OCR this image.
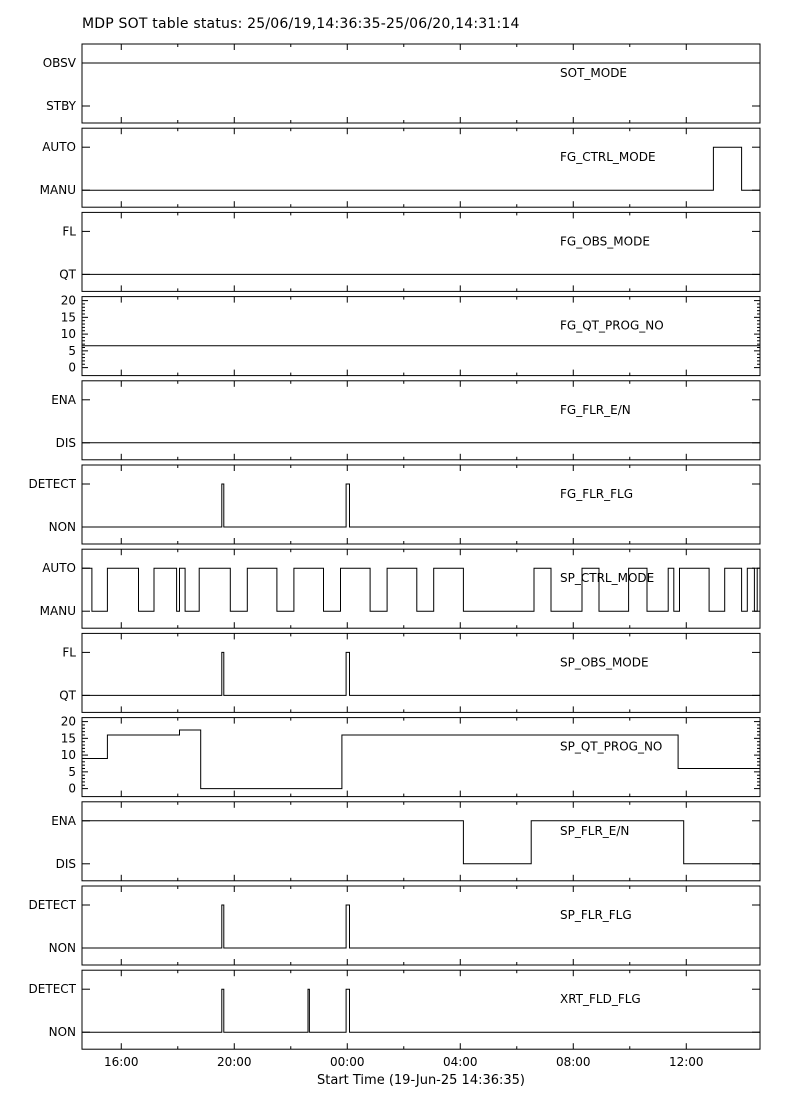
MDP SOT table status: 25/06/19,14:36:35-25/06/20,14:31:14
Start Time (19-Jun-25 14:36:35)
STBY
OBSV
SOT_MODE
MANU
AUTO
FG_CTRL_MODE
QT
FL
FG_OBS_MODE
0
5
10
15
20
FG_QT_PROG_NO
DIS
ENA
FG_FLR_E/N
NON
DETECT
FG_FLR_FLG
MANU
AUTO
SP_CTRL_MODE
QT
FL
SP_OBS_MODE
0
5
10
15
20
SP_QT_PROG_NO
DIS
ENA
SP_FLR_E/N
NON
DETECT
SP_FLR_FLG
NON
DETECT
XRT_FLD_FLG
16:00	20:00	00:00	04:00	08:00	12:00
